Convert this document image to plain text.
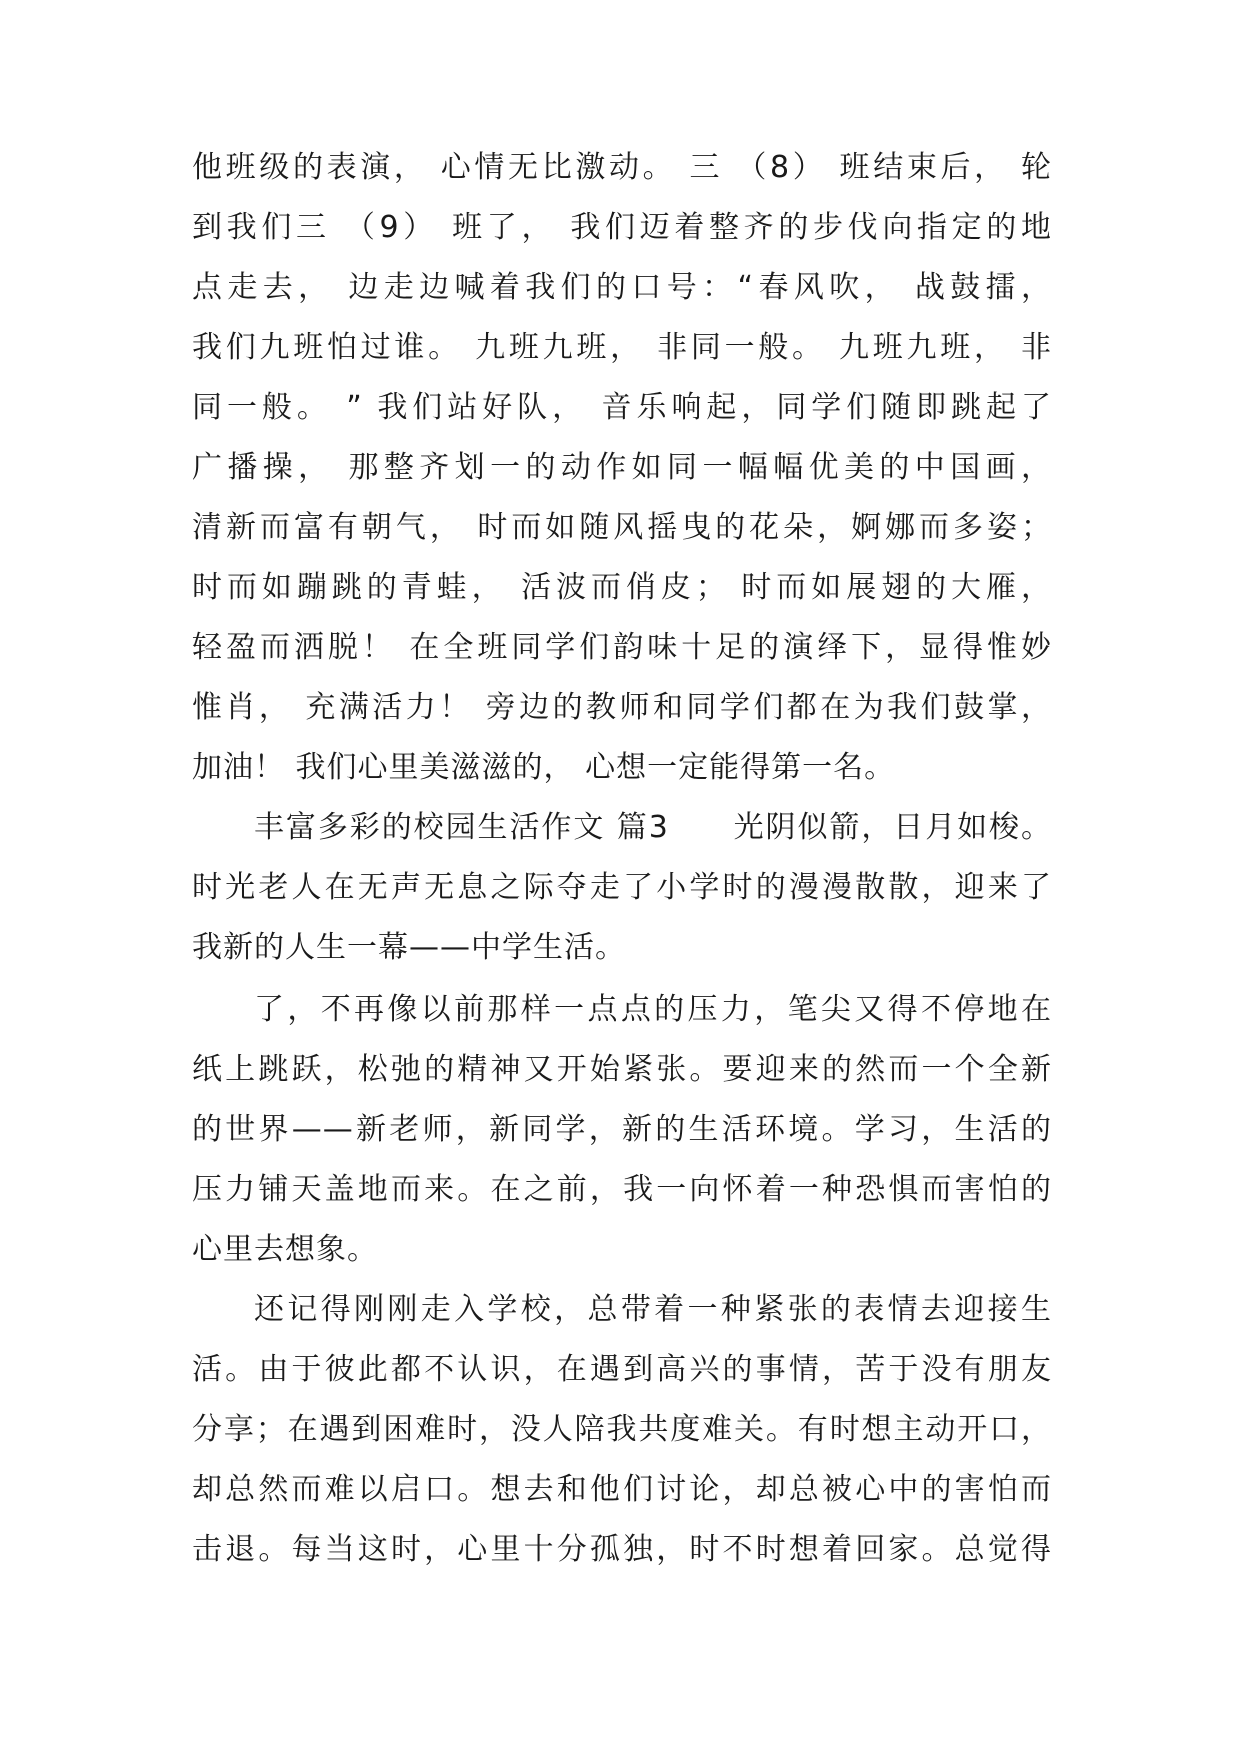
他班级的表演， 心情无比激动。 三 （8） 班结束后， 轮
到我们三 （9） 班了， 我们迈着整齐的步伐向指定的地
点走去， 边走边喊着我们的口号：“春风吹， 战鼓擂，
我们九班怕过谁。 九班九班， 非同一般。 九班九班， 非
同一般。 ” 我们站好队， 音乐响起，同学们随即跳起了
广播操， 那整齐划一的动作如同一幅幅优美的中国画，
清新而富有朝气， 时而如随风摇曳的花朵，婀娜而多姿；
时而如蹦跳的青蛙， 活波而俏皮； 时而如展翅的大雁，
轻盈而洒脱！ 在全班同学们韵味十足的演绎下，显得惟妙
惟肖， 充满活力！ 旁边的教师和同学们都在为我们鼓掌，
加油！ 我们心里美滋滋的， 心想一定能得第一名。
丰富多彩的校园生活作文 篇3　　光阴似箭，日月如梭。
时光老人在无声无息之际夺走了小学时的漫漫散散，迎来了
我新的人生一幕——中学生活。
了，不再像以前那样一点点的压力，笔尖又得不停地在
纸上跳跃，松弛的精神又开始紧张。要迎来的然而一个全新
的世界——新老师，新同学，新的生活环境。学习，生活的
压力铺天盖地而来。在之前，我一向怀着一种恐惧而害怕的
心里去想象。
还记得刚刚走入学校，总带着一种紧张的表情去迎接生
活。由于彼此都不认识，在遇到高兴的事情，苦于没有朋友
分享；在遇到困难时，没人陪我共度难关。有时想主动开口，
却总然而难以启口。想去和他们讨论，却总被心中的害怕而
击退。每当这时，心里十分孤独，时不时想着回家。总觉得
